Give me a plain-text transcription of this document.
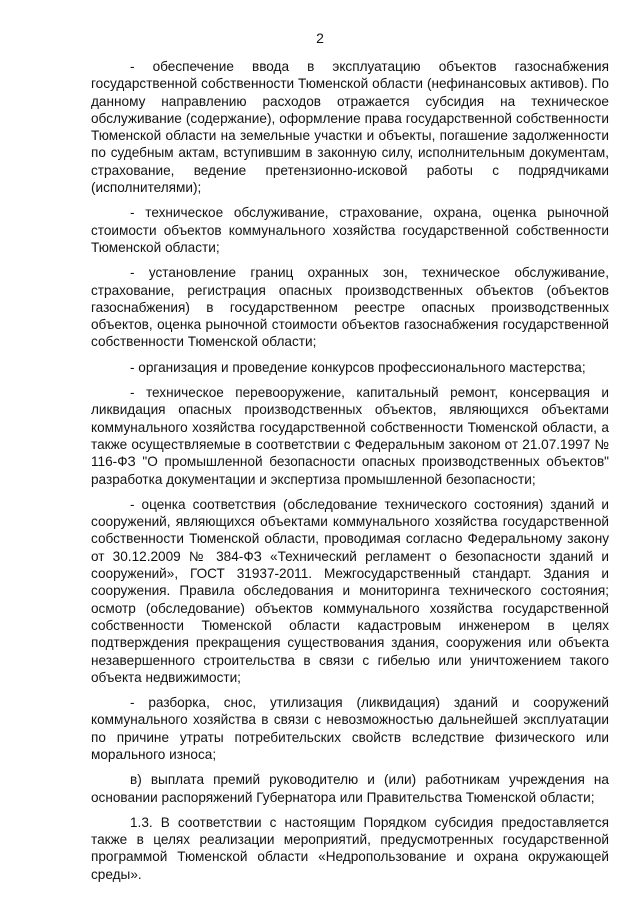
2

- обеспечение ввода в эксплуатацию объектов газоснабжения государственной собственности Тюменской области (нефинансовых активов). По данному направлению расходов отражается субсидия на техническое обслуживание (содержание), оформление права государственной собственности Тюменской области на земельные участки и объекты, погашение задолженности по судебным актам, вступившим в законную силу, исполнительным документам, страхование, ведение претензионно-исковой работы с подрядчиками (исполнителями);

- техническое обслуживание, страхование, охрана, оценка рыночной стоимости объектов коммунального хозяйства государственной собственности Тюменской области;

- установление границ охранных зон, техническое обслуживание, страхование, регистрация опасных производственных объектов (объектов газоснабжения) в государственном реестре опасных производственных объектов, оценка рыночной стоимости объектов газоснабжения государственной собственности Тюменской области;

- организация и проведение конкурсов профессионального мастерства;

- техническое перевооружение, капитальный ремонт, консервация и ликвидация опасных производственных объектов, являющихся объектами коммунального хозяйства государственной собственности Тюменской области, а также осуществляемые в соответствии с Федеральным законом от 21.07.1997 № 116-ФЗ "О промышленной безопасности опасных производственных объектов" разработка документации и экспертиза промышленной безопасности;

- оценка соответствия (обследование технического состояния) зданий и сооружений, являющихся объектами коммунального хозяйства государственной собственности Тюменской области, проводимая согласно Федеральному закону от 30.12.2009 № 384-ФЗ «Технический регламент о безопасности зданий и сооружений», ГОСТ 31937-2011. Межгосударственный стандарт. Здания и сооружения. Правила обследования и мониторинга технического состояния; осмотр (обследование) объектов коммунального хозяйства государственной собственности Тюменской области кадастровым инженером в целях подтверждения прекращения существования здания, сооружения или объекта незавершенного строительства в связи с гибелью или уничтожением такого объекта недвижимости;

- разборка, снос, утилизация (ликвидация) зданий и сооружений коммунального хозяйства в связи с невозможностью дальнейшей эксплуатации по причине утраты потребительских свойств вследствие физического или морального износа;

в) выплата премий руководителю и (или) работникам учреждения на основании распоряжений Губернатора или Правительства Тюменской области;

1.3. В соответствии с настоящим Порядком субсидия предоставляется также в целях реализации мероприятий, предусмотренных государственной программой Тюменской области «Недропользование и охрана окружающей среды».
